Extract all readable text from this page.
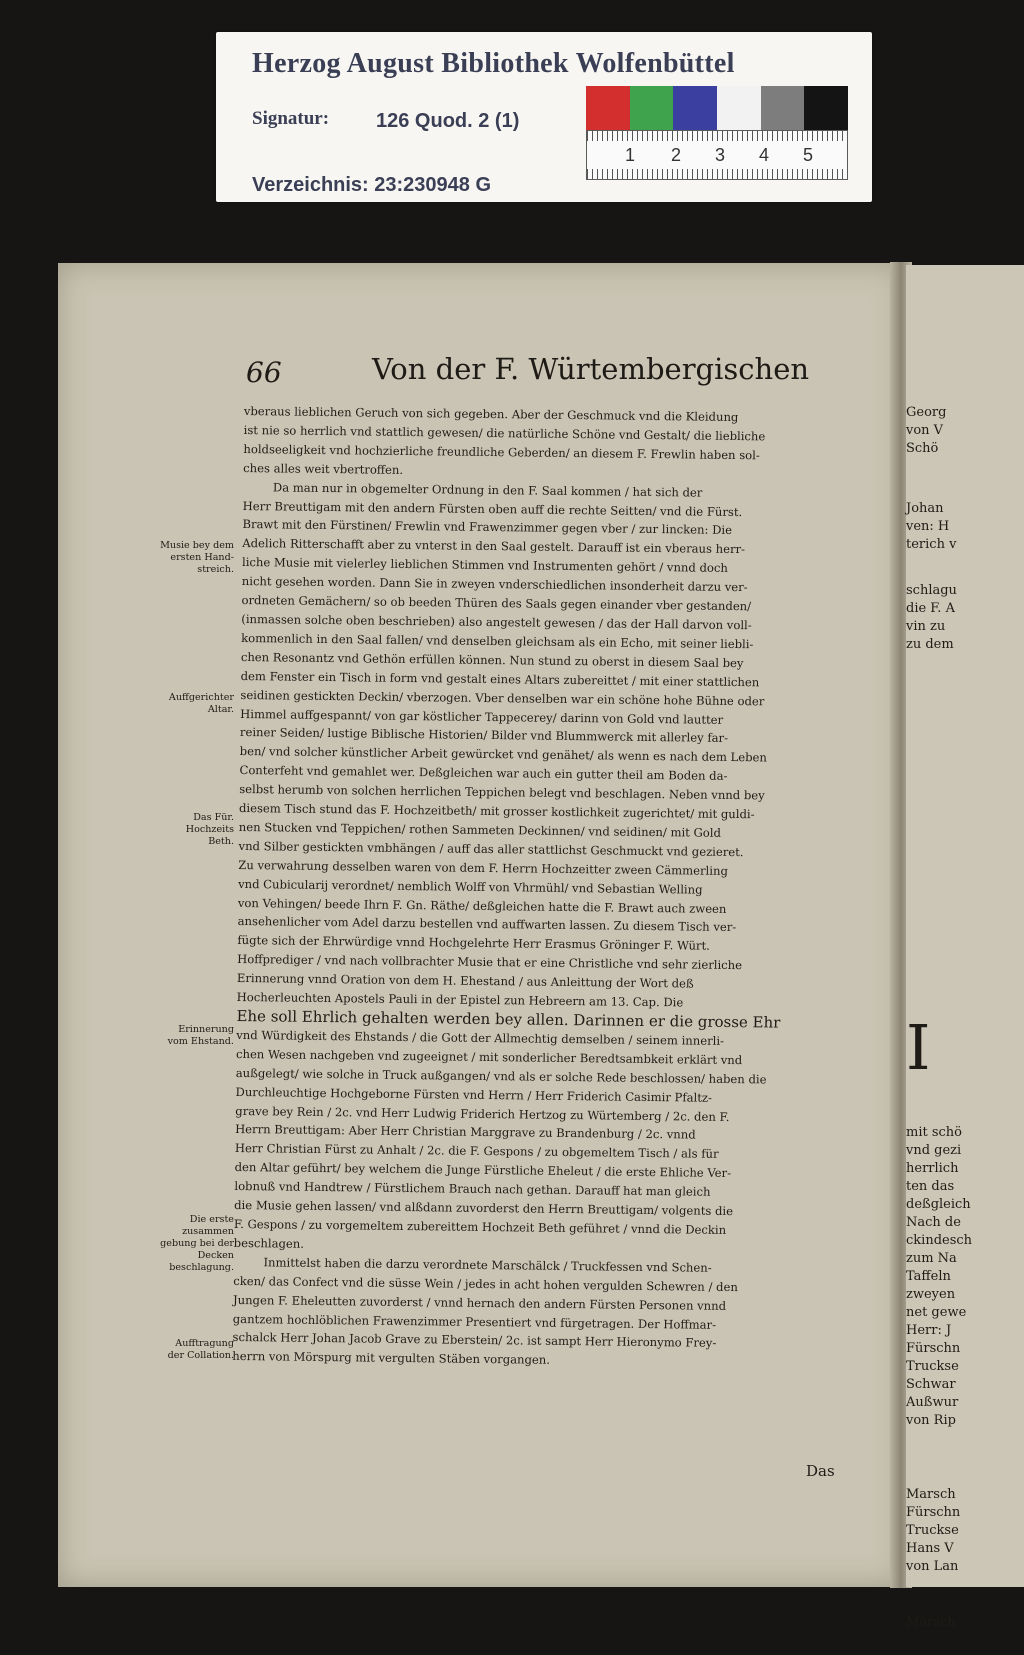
Herzog August Bibliothek Wolfenbüttel
Signatur: 126 Quod. 2 (1)
Verzeichnis: 23:230948 G
1 2 3 4 5
Georg
von V
Schö
Johan
ven: H
terich v
schlagu
die F. A
vin zu
zu dem
mit schö
vnd gezi
herrlich
ten das
deßgleich
Nach de
ckindesch
zum Na
Taffeln
zweyen
net gewe
Herr: J
Fürschn
Truckse
Schwar
Außwur
von Rip
Marsch
Fürschn
Truckse
Hans V
von Lan
Marsch
I
66	Von der F. Würtembergischen
vberaus lieblichen Geruch von sich gegeben. Aber der Geschmuck vnd die Kleidung
ist nie so herrlich vnd stattlich gewesen/ die natürliche Schöne vnd Gestalt/ die liebliche
holdseeligkeit vnd hochzierliche freundliche Geberden/ an diesem F. Frewlin haben sol-
ches alles weit vbertroffen.
Da man nur in obgemelter Ordnung in den F. Saal kommen / hat sich der
Herr Breuttigam mit den andern Fürsten oben auff die rechte Seitten/ vnd die Fürst.
Brawt mit den Fürstinen/ Frewlin vnd Frawenzimmer gegen vber / zur lincken: Die
Adelich Ritterschafft aber zu vnterst in den Saal gestelt. Darauff ist ein vberaus herr-
liche Musie mit vielerley lieblichen Stimmen vnd Instrumenten gehört / vnnd doch
nicht gesehen worden. Dann Sie in zweyen vnderschiedlichen insonderheit darzu ver-
ordneten Gemächern/ so ob beeden Thüren des Saals gegen einander vber gestanden/
(inmassen solche oben beschrieben) also angestelt gewesen / das der Hall darvon voll-
kommenlich in den Saal fallen/ vnd denselben gleichsam als ein Echo, mit seiner liebli-
chen Resonantz vnd Gethön erfüllen können. Nun stund zu oberst in diesem Saal bey
dem Fenster ein Tisch in form vnd gestalt eines Altars zubereittet / mit einer stattlichen
seidinen gestickten Deckin/ vberzogen. Vber denselben war ein schöne hohe Bühne oder
Himmel auffgespannt/ von gar köstlicher Tappecerey/ darinn von Gold vnd lautter
reiner Seiden/ lustige Biblische Historien/ Bilder vnd Blummwerck mit allerley far-
ben/ vnd solcher künstlicher Arbeit gewürcket vnd genähet/ als wenn es nach dem Leben
Conterfeht vnd gemahlet wer. Deßgleichen war auch ein gutter theil am Boden da-
selbst herumb von solchen herrlichen Teppichen belegt vnd beschlagen. Neben vnnd bey
diesem Tisch stund das F. Hochzeitbeth/ mit grosser kostlichkeit zugerichtet/ mit guldi-
nen Stucken vnd Teppichen/ rothen Sammeten Deckinnen/ vnd seidinen/ mit Gold
vnd Silber gestickten vmbhängen / auff das aller stattlichst Geschmuckt vnd gezieret.
Zu verwahrung desselben waren von dem F. Herrn Hochzeitter zween Cämmerling
vnd Cubicularij verordnet/ nemblich Wolff von Vhrmühl/ vnd Sebastian Welling
von Vehingen/ beede Ihrn F. Gn. Räthe/ deßgleichen hatte die F. Brawt auch zween
ansehenlicher vom Adel darzu bestellen vnd auffwarten lassen. Zu diesem Tisch ver-
fügte sich der Ehrwürdige vnnd Hochgelehrte Herr Erasmus Gröninger F. Würt.
Hoffprediger / vnd nach vollbrachter Musie that er eine Christliche vnd sehr zierliche
Erinnerung vnnd Oration von dem H. Ehestand / aus Anleittung der Wort deß
Hocherleuchten Apostels Pauli in der Epistel zun Hebreern am 13. Cap. Die
Ehe soll Ehrlich gehalten werden bey allen. Darinnen er die grosse Ehr
vnd Würdigkeit des Ehstands / die Gott der Allmechtig demselben / seinem innerli-
chen Wesen nachgeben vnd zugeeignet / mit sonderlicher Beredtsambkeit erklärt vnd
außgelegt/ wie solche in Truck außgangen/ vnd als er solche Rede beschlossen/ haben die
Durchleuchtige Hochgeborne Fürsten vnd Herrn / Herr Friderich Casimir Pfaltz-
grave bey Rein / 2c. vnd Herr Ludwig Friderich Hertzog zu Würtemberg / 2c. den F.
Herrn Breuttigam: Aber Herr Christian Marggrave zu Brandenburg / 2c. vnnd
Herr Christian Fürst zu Anhalt / 2c. die F. Gespons / zu obgemeltem Tisch / als für
den Altar geführt/ bey welchem die Junge Fürstliche Eheleut / die erste Ehliche Ver-
lobnuß vnd Handtrew / Fürstlichem Brauch nach gethan. Darauff hat man gleich
die Musie gehen lassen/ vnd alßdann zuvorderst den Herrn Breuttigam/ volgents die
F. Gespons / zu vorgemeltem zubereittem Hochzeit Beth geführet / vnnd die Deckin
beschlagen.
Inmittelst haben die darzu verordnete Marschälck / Truckfessen vnd Schen-
cken/ das Confect vnd die süsse Wein / jedes in acht hohen vergulden Schewren / den
Jungen F. Eheleutten zuvorderst / vnnd hernach den andern Fürsten Personen vnnd
gantzem hochlöblichen Frawenzimmer Presentiert vnd fürgetragen. Der Hoffmar-
schalck Herr Johan Jacob Grave zu Eberstein/ 2c. ist sampt Herr Hieronymo Frey-
herrn von Mörspurg mit vergulten Stäben vorgangen.
Musie bey dem ersten Hand-streich.
Auffgerichter Altar.
Das Für. Hochzeits Beth.
Erinnerung vom Ehstand.
Die erste zusammen gebung bei der Decken beschlagung.
Aufftragung der Collation.
Das
